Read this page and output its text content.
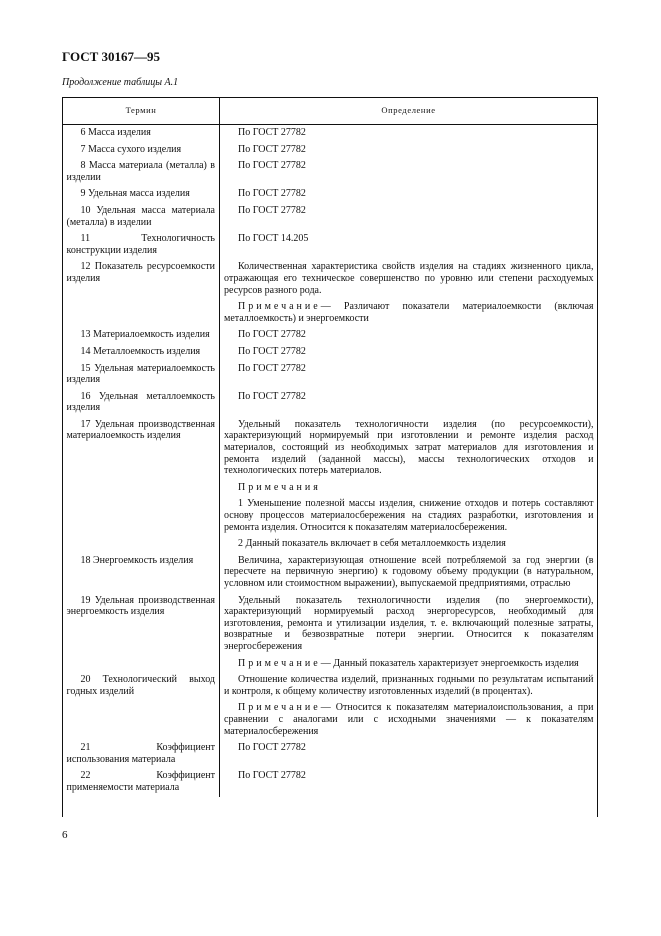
ГОСТ 30167—95
Продолжение таблицы А.1
Термин	Определение

6 Масса изделия	По ГОСТ 27782

7 Масса сухого изделия	По ГОСТ 27782

8 Масса материала (металла) в изделии	По ГОСТ 27782

9 Удельная масса изделия	По ГОСТ 27782

10 Удельная масса материала (металла) в изделии	По ГОСТ 27782

11 Технологичность конструкции изделия	По ГОСТ 14.205

12 Показатель ресурсоемкости изделия	Количественная характеристика свойств изделия на стадиях жизненного цикла, отражающая его техническое совершенство по уровню или степени расходуемых ресурсов разного рода.

	Примечание— Различают показатели материалоемкости (включая металлоемкость) и энергоемкости

13 Материалоемкость изделия	По ГОСТ 27782

14 Металлоемкость изделия	По ГОСТ 27782

15 Удельная материалоемкость изделия	По ГОСТ 27782

16 Удельная металлоемкость изделия	По ГОСТ 27782

17 Удельная производственная материалоемкость изделия	Удельный показатель технологичности изделия (по ресурсоемкости), характеризующий нормируемый при изготовлении и ремонте изделия расход материалов, состоящий из необходимых затрат материалов для изготовления и ремонта изделий (заданной массы), массы технологических отходов и технологических потерь материалов.

	Примечания

	1 Уменьшение полезной массы изделия, снижение отходов и потерь составляют основу процессов материалосбережения на стадиях разработки, изготовления и ремонта изделия. Относится к показателям материалосбережения.

	2 Данный показатель включает в себя металлоемкость изделия

18 Энергоемкость изделия	Величина, характеризующая отношение всей потребляемой за год энергии (в пересчете на первичную энергию) к годовому объему продукции (в натуральном, условном или стоимостном выражении), выпускаемой предприятиями, отраслью

19 Удельная производственная энергоемкость изделия	Удельный показатель технологичности изделия (по энергоемкости), характеризующий нормируемый расход энергоресурсов, необходимый для изготовления, ремонта и утилизации изделия, т. е. включающий полезные затраты, возвратные и безвозвратные потери энергии. Относится к показателям энергосбережения

	Примечание— Данный показатель характеризует энергоемкость изделия

20 Технологический выход годных изделий	Отношение количества изделий, признанных годными по результатам испытаний и контроля, к общему количеству изготовленных изделий (в процентах).

	Примечание— Относится к показателям материалоиспользования, а при сравнении с аналогами или с исходными значениями — к показателям материалосбережения

21 Коэффициент использования материала	По ГОСТ 27782

22 Коэффициент применяемости материала	По ГОСТ 27782
6
